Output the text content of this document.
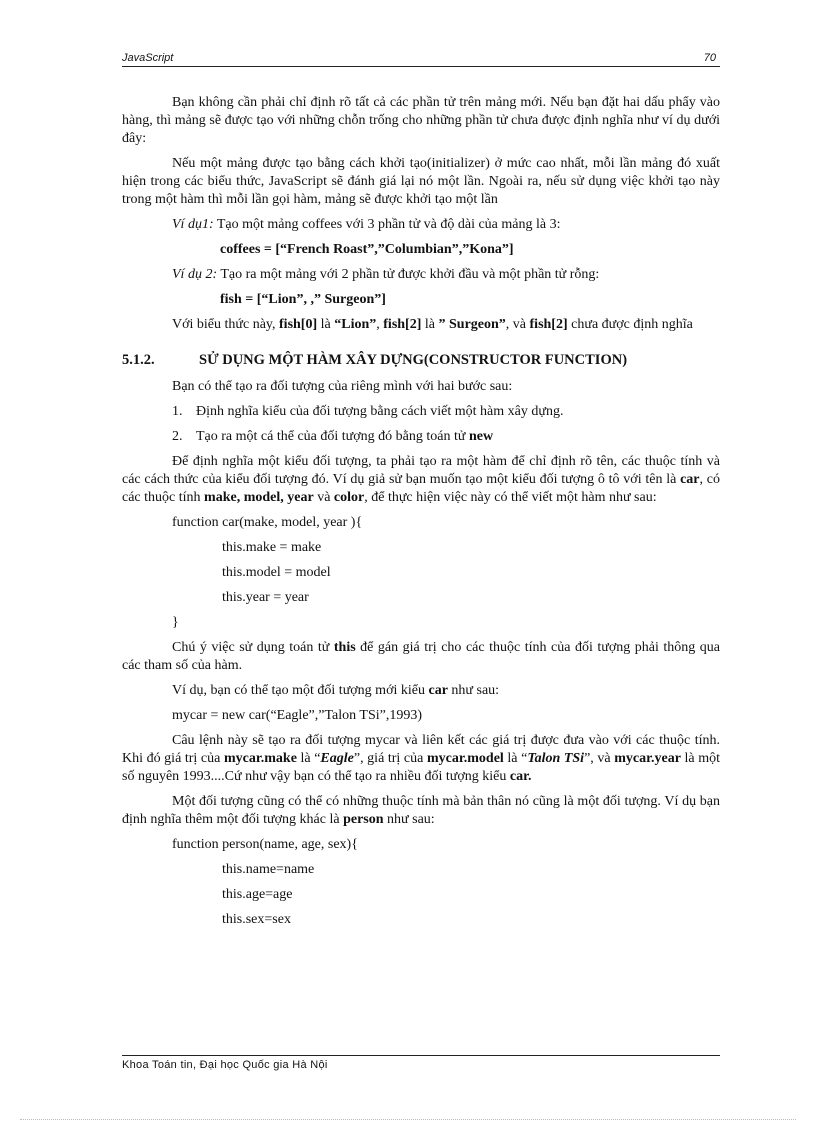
JavaScript	70

Bạn không cần phải chỉ định rõ tất cả các phần tử trên mảng mới. Nếu bạn đặt hai dấu phẩy vào hàng, thì mảng sẽ được tạo với những chỗn trống cho những phần tử chưa được định nghĩa như ví dụ dưới đây:

Nếu một mảng được tạo bằng cách khởi tạo(initializer) ở mức cao nhất, mỗi lần mảng đó xuất hiện trong các biểu thức, JavaScript sẽ đánh giá lại nó một lần. Ngoài ra, nếu sử dụng việc khởi tạo này trong một hàm thì mỗi lần gọi hàm, mảng sẽ được khởi tạo một lần

Ví dụ1: Tạo một mảng coffees với 3 phần tử và độ dài của mảng là 3:

coffees = [“French Roast”,”Columbian”,”Kona”]

Ví dụ 2: Tạo ra một mảng với 2 phần tử được khởi đầu và một phần tử rỗng:

fish = [“Lion”, ,” Surgeon”]

Với biểu thức này, fish[0] là “Lion”, fish[2] là ” Surgeon”, và fish[2] chưa được định nghĩa

5.1.2.	SỬ DỤNG MỘT HÀM XÂY DỰNG(CONSTRUCTOR FUNCTION)

Bạn có thể tạo ra đối tượng của riêng mình với hai bước sau:

1. Định nghĩa kiểu của đối tượng bằng cách viết một hàm xây dựng.

2. Tạo ra một cá thể của đối tượng đó bằng toán tử new

Để định nghĩa một kiểu đối tượng, ta phải tạo ra một hàm để chỉ định rõ tên, các thuộc tính và các cách thức của kiểu đối tượng đó. Ví dụ giả sử bạn muốn tạo một kiểu đối tượng ô tô với tên là car, có các thuộc tính make, model, year và color, để thực hiện việc này có thể viết một hàm như sau:

function car(make, model, year ){

this.make = make

this.model = model

this.year = year

}

Chú ý việc sử dụng toán tử this để gán giá trị cho các thuộc tính của đối tượng phải thông qua các tham số của hàm.

Ví dụ, bạn có thể tạo một đối tượng mới kiểu car như sau:

mycar = new car(“Eagle”,”Talon TSi”,1993)

Câu lệnh này sẽ tạo ra đối tượng mycar và liên kết các giá trị được đưa vào với các thuộc tính. Khi đó giá trị của mycar.make là “Eagle”, giá trị của mycar.model là “Talon TSi”, và mycar.year là một số nguyên 1993....Cứ như vậy bạn có thể tạo ra nhiều đối tượng kiểu car.

Một đối tượng cũng có thể có những thuộc tính mà bản thân nó cũng là một đối tượng. Ví dụ bạn định nghĩa thêm một đối tượng khác là person như sau:

function person(name, age, sex){

this.name=name

this.age=age

this.sex=sex

Khoa Toán tin, Đại học Quốc gia Hà Nội
